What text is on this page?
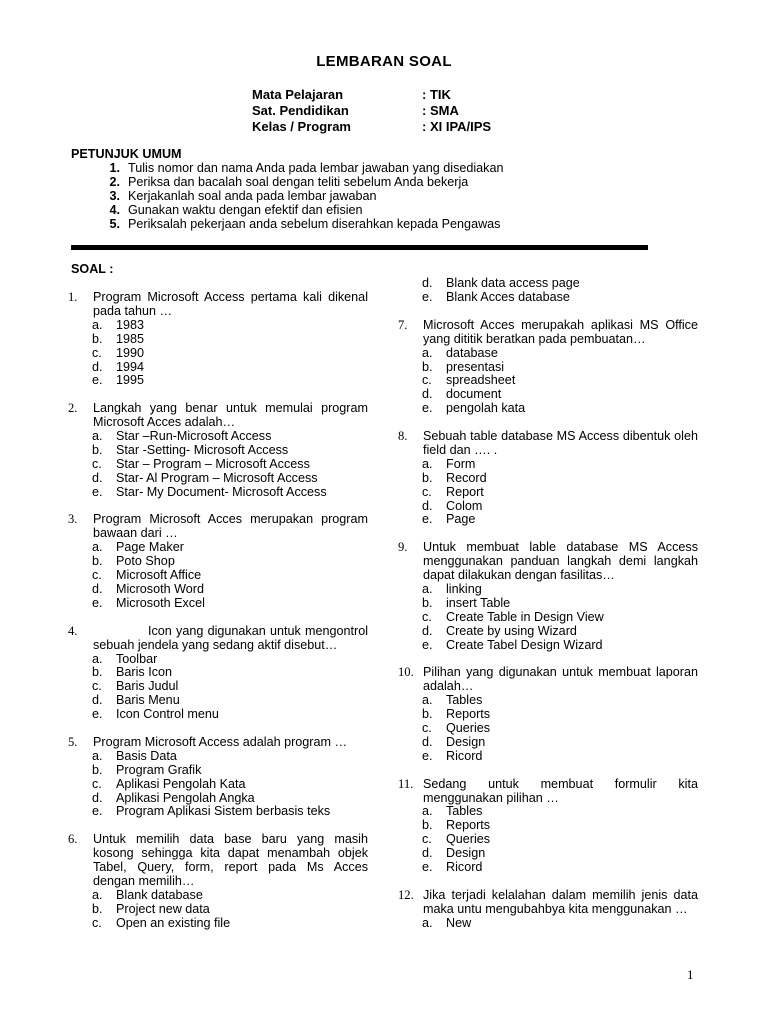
LEMBARAN SOAL
Mata Pelajaran	: TIK
Sat. Pendidikan	: SMA
Kelas / Program	: XI IPA/IPS
PETUNJUK UMUM
1. Tulis nomor dan nama Anda pada lembar jawaban yang disediakan
2. Periksa dan bacalah soal dengan teliti sebelum Anda bekerja
3. Kerjakanlah soal anda pada lembar jawaban
4. Gunakan waktu dengan efektif dan efisien
5. Periksalah pekerjaan anda sebelum diserahkan kepada Pengawas
SOAL :
1.	Program Microsoft Access pertama kali dikenal pada tahun …
a.	1983
b.	1985
c.	1990
d.	1994
e.	1995
2.	Langkah yang benar untuk memulai program Microsoft Acces adalah…
a.	Star –Run-Microsoft Access
b.	Star -Setting- Microsoft Access
c.	Star – Program – Microsoft Access
d.	Star- Al Program – Microsoft Access
e.	Star- My Document- Microsoft Access
3.	Program Microsoft Acces merupakan program bawaan dari …
a.	Page Maker
b.	Poto Shop
c.	Microsoft Affice
d.	Microsoth Word
e.	Microsoth Excel
4.	Icon yang digunakan untuk mengontrol sebuah jendela yang sedang aktif disebut…
a.	Toolbar
b.	Baris Icon
c.	Baris Judul
d.	Baris Menu
e.	Icon Control menu
5.	Program Microsoft Access adalah program …
a.	Basis Data
b.	Program Grafik
c.	Aplikasi Pengolah Kata
d.	Aplikasi Pengolah Angka
e.	Program Aplikasi Sistem berbasis teks
6.	Untuk memilih data base baru yang masih kosong sehingga kita dapat menambah objek Tabel, Query, form, report pada Ms Acces dengan memilih…
a.	Blank database
b.	Project new data
c.	Open an existing file
d.	Blank data access page
e.	Blank Acces database
7.	Microsoft Acces merupakah aplikasi MS Office yang dititik beratkan pada pembuatan…
a.	database
b.	presentasi
c.	spreadsheet
d.	document
e.	pengolah kata
8.	Sebuah table database MS Access dibentuk oleh field dan …. .
a.	Form
b.	Record
c.	Report
d.	Colom
e.	Page
9.	Untuk membuat lable database MS Access menggunakan panduan langkah demi langkah dapat dilakukan dengan fasilitas…
a.	linking
b.	insert Table
c.	Create Table in Design View
d.	Create by using Wizard
e.	Create Tabel Design Wizard
10. Pilihan yang digunakan untuk membuat laporan adalah…
a.	Tables
b.	Reports
c.	Queries
d.	Design
e.	Ricord
11. Sedang untuk membuat formulir kita menggunakan pilihan …
a.	Tables
b.	Reports
c.	Queries
d.	Design
e.	Ricord
12. Jika terjadi kelalahan dalam memilih jenis data maka untu mengubahbya kita menggunakan …
a.	New
1
